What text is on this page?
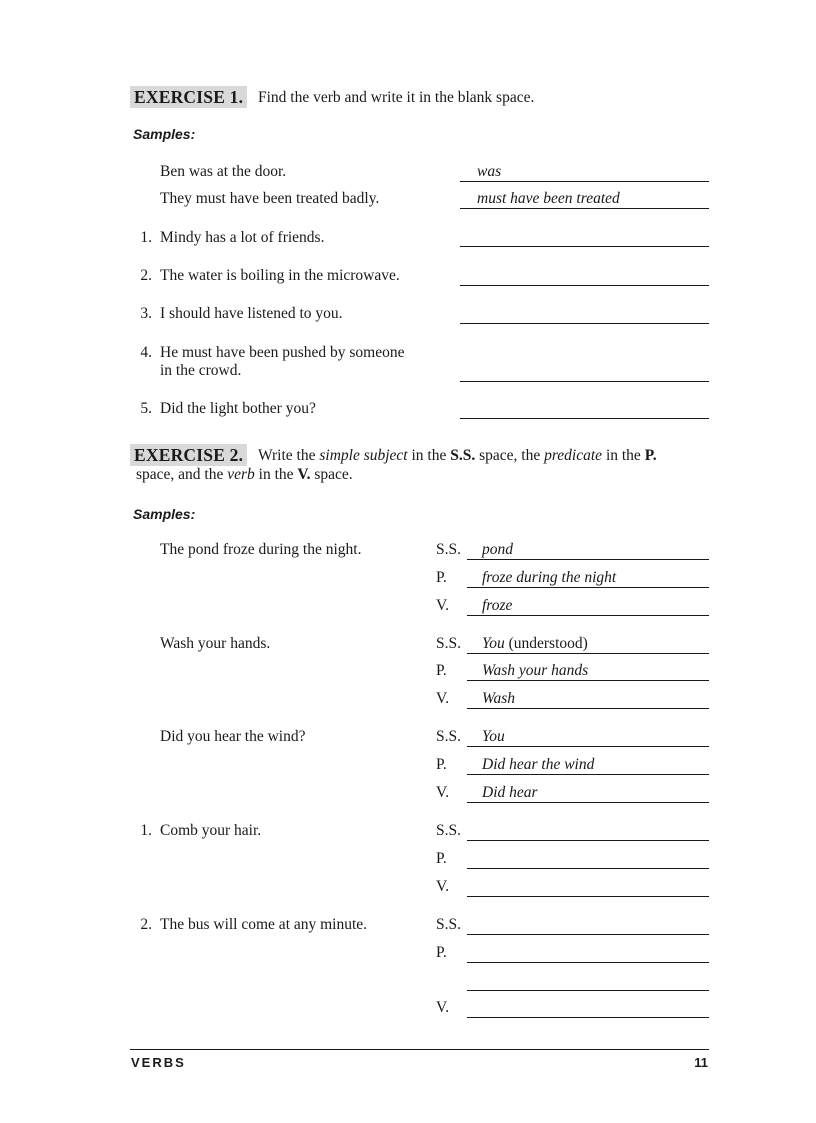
EXERCISE 1. Find the verb and write it in the blank space.
Samples:
Ben was at the door.	was
They must have been treated badly.	must have been treated
1. Mindy has a lot of friends.
2. The water is boiling in the microwave.
3. I should have listened to you.
4. He must have been pushed by someone
in the crowd.
5. Did the light bother you?
EXERCISE 2. Write the simple subject in the S.S. space, the predicate in the P.
space, and the verb in the V. space.
Samples:
The pond froze during the night.	S.S. pond
P. froze during the night
V. froze
Wash your hands.	S.S. You (understood)
P. Wash your hands
V. Wash
Did you hear the wind?	S.S. You
P. Did hear the wind
V. Did hear
1. Comb your hair.	S.S.
P.
V.
2. The bus will come at any minute.	S.S.
P.
V.
VERBS	11
